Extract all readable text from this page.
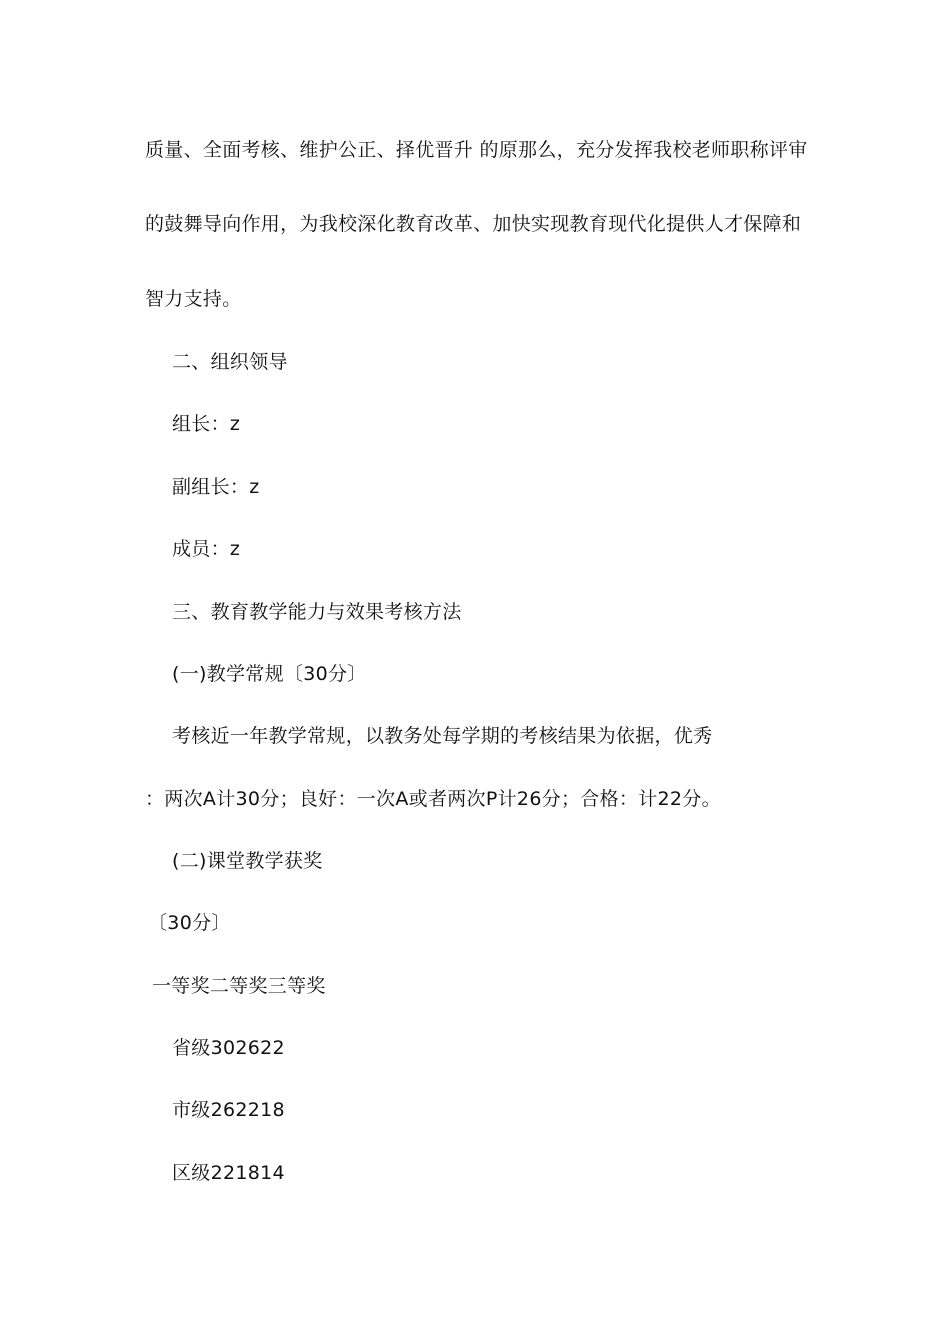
质量、全面考核、维护公正、择优晋升 的原那么，充分发挥我校老师职称评审
的鼓舞导向作用，为我校深化教育改革、加快实现教育现代化提供人才保障和
智力支持。
二、组织领导
组长：z
副组长：z
成员：z
三、教育教学能力与效果考核方法
(一)教学常规〔30分〕
考核近一年教学常规，以教务处每学期的考核结果为依据，优秀
：两次A计30分；良好：一次A或者两次P计26分；合格：计22分。
(二)课堂教学获奖
〔30分〕
一等奖二等奖三等奖
省级302622
市级262218
区级221814
